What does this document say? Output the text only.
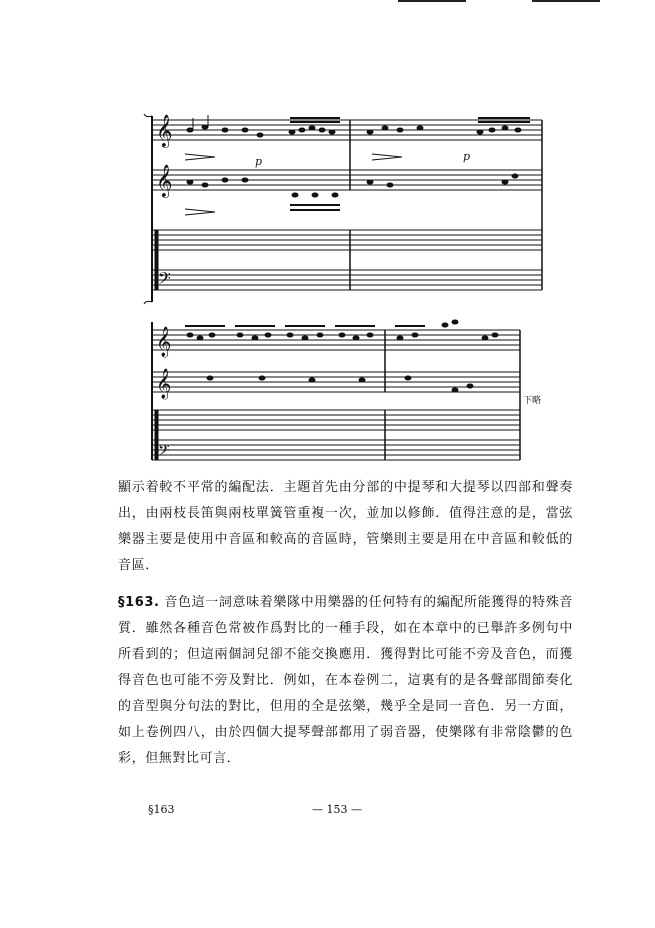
𝄞
𝄞
𝄢
p	p
𝄞
𝄞
𝄢
下略

顯示着較不平常的編配法．主題首先由分部的中提琴和大提琴以四部和聲奏出，由兩枝長笛與兩枝單簧管重複一次，並加以修飾．值得注意的是，當弦樂器主要是使用中音區和較高的音區時，管樂則主要是用在中音區和較低的音區．

§163. 音色這一詞意味着樂隊中用樂器的任何特有的編配所能獲得的特殊音質．雖然各種音色常被作爲對比的一種手段，如在本章中的已舉許多例句中所看到的；但這兩個詞兒卻不能交換應用．獲得對比可能不旁及音色，而獲得音色也可能不旁及對比．例如，在本卷例二，這裏有的是各聲部間節奏化的音型與分句法的對比，但用的全是弦樂，幾乎全是同一音色．另一方面，如上卷例四八，由於四個大提琴聲部都用了弱音器，使樂隊有非常陰鬱的色彩，但無對比可言．

§163	— 153 —
